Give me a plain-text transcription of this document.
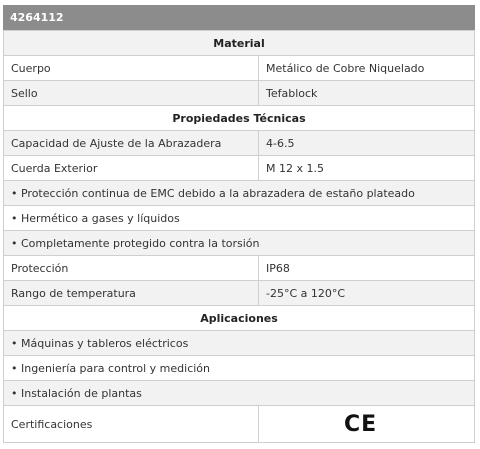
4264112
Material	
Cuerpo	Metálico de Cobre Niquelado
Sello	Tefablock
Propiedades Técnicas	
Capacidad de Ajuste de la Abrazadera	4-6.5
Cuerda Exterior	M 12 x 1.5
• Protección continua de EMC debido a la abrazadera de estaño plateado	
• Hermético a gases y líquidos	
• Completamente protegido contra la torsión	
Protección	IP68
Rango de temperatura	-25°C a 120°C
Aplicaciones	
• Máquinas y tableros eléctricos	
• Ingeniería para control y medición	
• Instalación de plantas	
Certificaciones	CE
